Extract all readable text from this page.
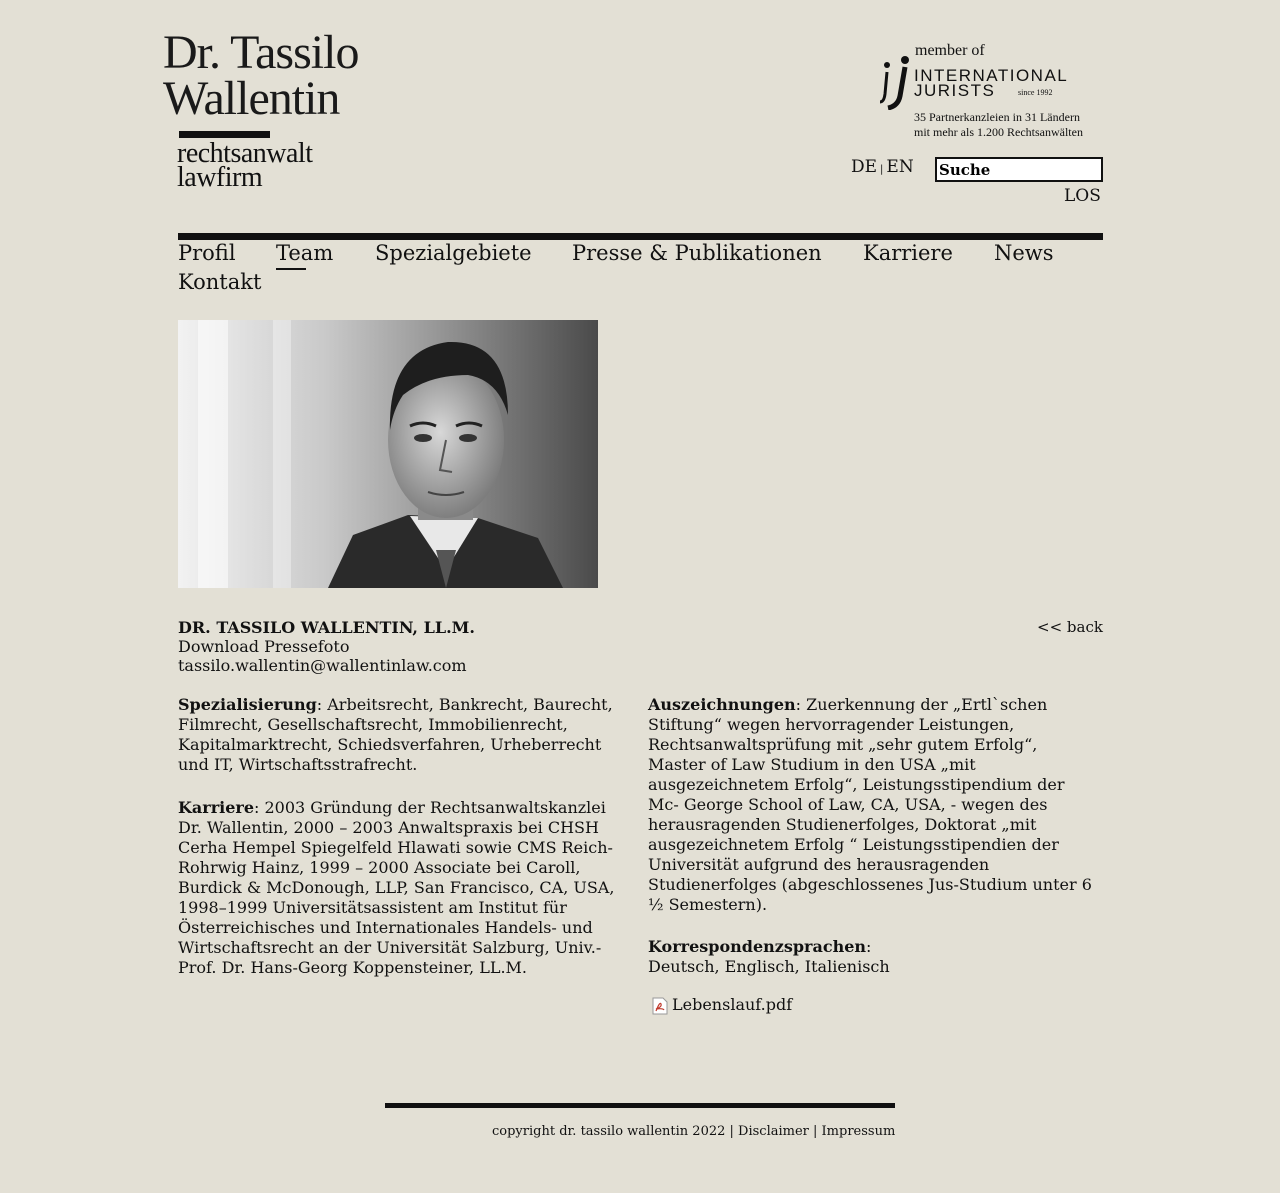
Dr. Tassilo
Wallentin
rechtsanwalt
lawfirm
member of
INTERNATIONAL
JURISTS	since 1992
35 Partnerkanzleien in 31 Ländern
mit mehr als 1.200 Rechtsanwälten
DE | EN
Suche
LOS
Profil Team Spezialgebiete Presse & Publikationen Karriere News
Kontakt
DR. TASSILO WALLENTIN, LL.M.
Download Pressefoto
tassilo.wallentin@wallentinlaw.com
<< back
Spezialisierung: Arbeitsrecht, Bankrecht, Baurecht, Filmrecht, Gesellschaftsrecht, Immobilienrecht, Kapitalmarktrecht, Schiedsverfahren, Urheberrecht und IT, Wirtschaftsstrafrecht.
Karriere: 2003 Gründung der Rechtsanwaltskanzlei Dr. Wallentin, 2000 – 2003 Anwaltspraxis bei CHSH Cerha Hempel Spiegelfeld Hlawati sowie CMS Reich-Rohrwig Hainz, 1999 – 2000 Associate bei Caroll, Burdick & McDonough, LLP, San Francisco, CA, USA, 1998–1999 Universitätsassistent am Institut für Österreichisches und Internationales Handels- und Wirtschaftsrecht an der Universität Salzburg, Univ.-Prof. Dr. Hans-Georg Koppensteiner, LL.M.
Auszeichnungen: Zuerkennung der „Ertl`schen Stiftung“ wegen hervorragender Leistungen, Rechtsanwaltsprüfung mit „sehr gutem Erfolg“, Master of Law Studium in den USA „mit ausgezeichnetem Erfolg“, Leistungsstipendium der Mc- George School of Law, CA, USA, - wegen des herausragenden Studienerfolges, Doktorat „mit ausgezeichnetem Erfolg “ Leistungsstipendien der Universität aufgrund des herausragenden Studienerfolges (abgeschlossenes Jus-Studium unter 6 ½ Semestern).
Korrespondenzsprachen:
Deutsch, Englisch, Italienisch
Lebenslauf.pdf
copyright dr. tassilo wallentin 2022 | Disclaimer | Impressum
